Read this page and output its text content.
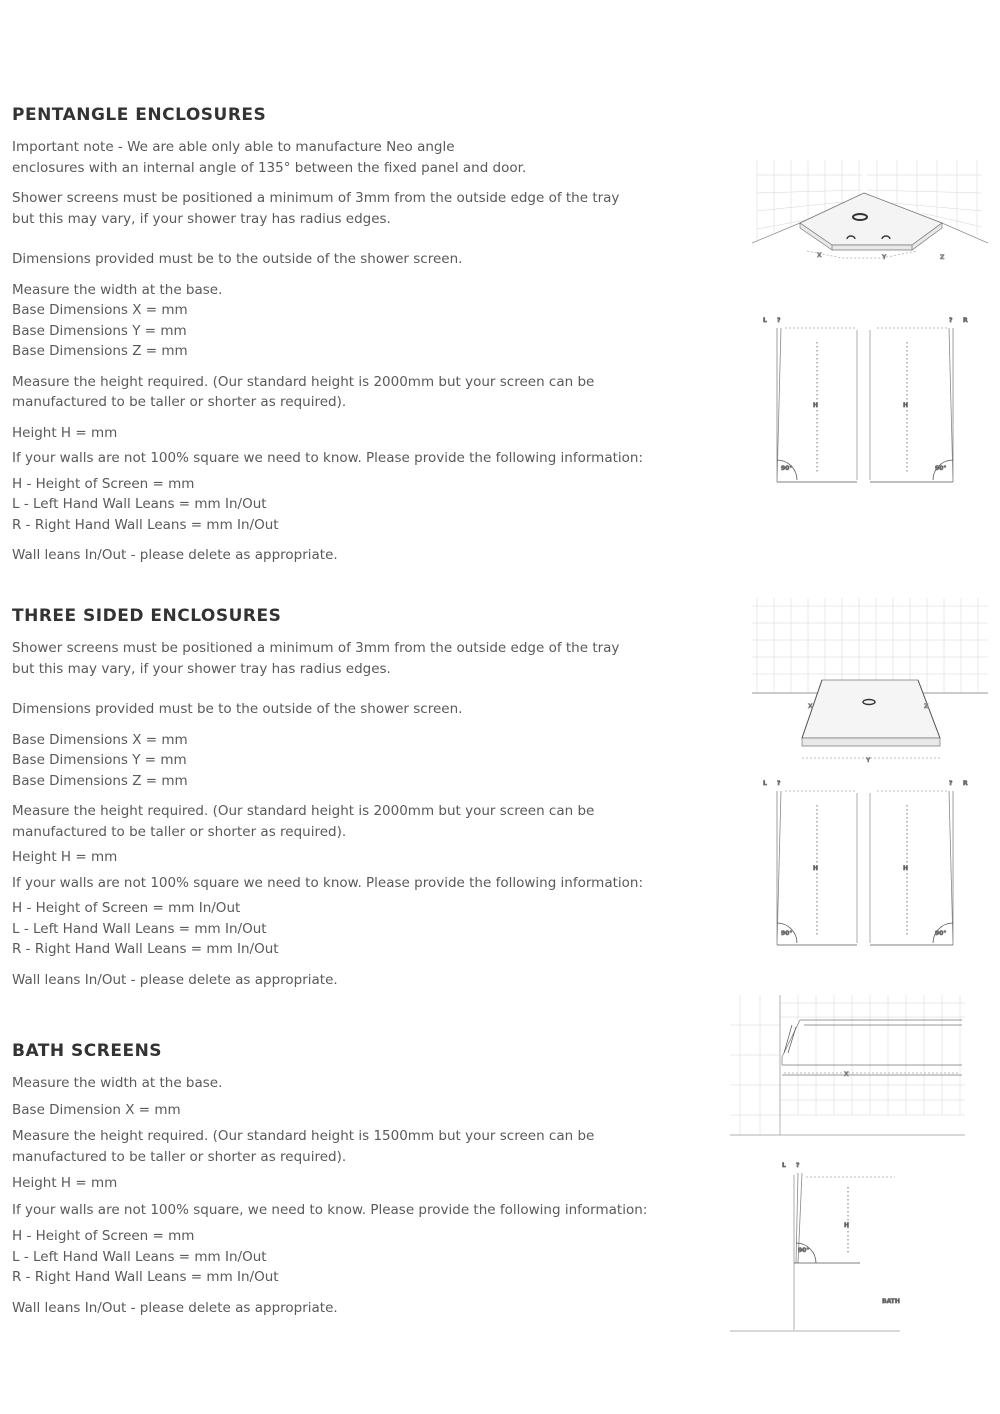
PENTANGLE ENCLOSURES
Important note - We are able only able to manufacture Neo angle
enclosures with an internal angle of 135° between the fixed panel and door.
Shower screens must be positioned a minimum of 3mm from the outside edge of the tray
but this may vary, if your shower tray has radius edges.
Dimensions provided must be to the outside of the shower screen.
Measure the width at the base.
Base Dimensions X = mm
Base Dimensions Y = mm
Base Dimensions Z = mm
Measure the height required. (Our standard height is 2000mm but your screen can be
manufactured to be taller or shorter as required).
Height H = mm
If your walls are not 100% square we need to know. Please provide the following information:
H - Height of Screen = mm
L - Left Hand Wall Leans = mm In/Out
R - Right Hand Wall Leans = mm In/Out
Wall leans In/Out - please delete as appropriate.
THREE SIDED ENCLOSURES
Shower screens must be positioned a minimum of 3mm from the outside edge of the tray
but this may vary, if your shower tray has radius edges.
Dimensions provided must be to the outside of the shower screen.
Base Dimensions X = mm
Base Dimensions Y = mm
Base Dimensions Z = mm
Measure the height required. (Our standard height is 2000mm but your screen can be
manufactured to be taller or shorter as required).
Height H = mm
If your walls are not 100% square we need to know. Please provide the following information:
H - Height of Screen = mm In/Out
L - Left Hand Wall Leans = mm In/Out
R - Right Hand Wall Leans = mm In/Out
Wall leans In/Out - please delete as appropriate.
BATH SCREENS
Measure the width at the base.
Base Dimension X = mm
Measure the height required. (Our standard height is 1500mm but your screen can be
manufactured to be taller or shorter as required).
Height H = mm
If your walls are not 100% square, we need to know. Please provide the following information:
H - Height of Screen = mm
L - Left Hand Wall Leans = mm In/Out
R - Right Hand Wall Leans = mm In/Out
Wall leans In/Out - please delete as appropriate.
X	Y	Z
L ?	? R
H
90°
H
90°
X	Z
Y
L ?	? R
H
90°
H
90°
X
L ?
H
90°
BATH
